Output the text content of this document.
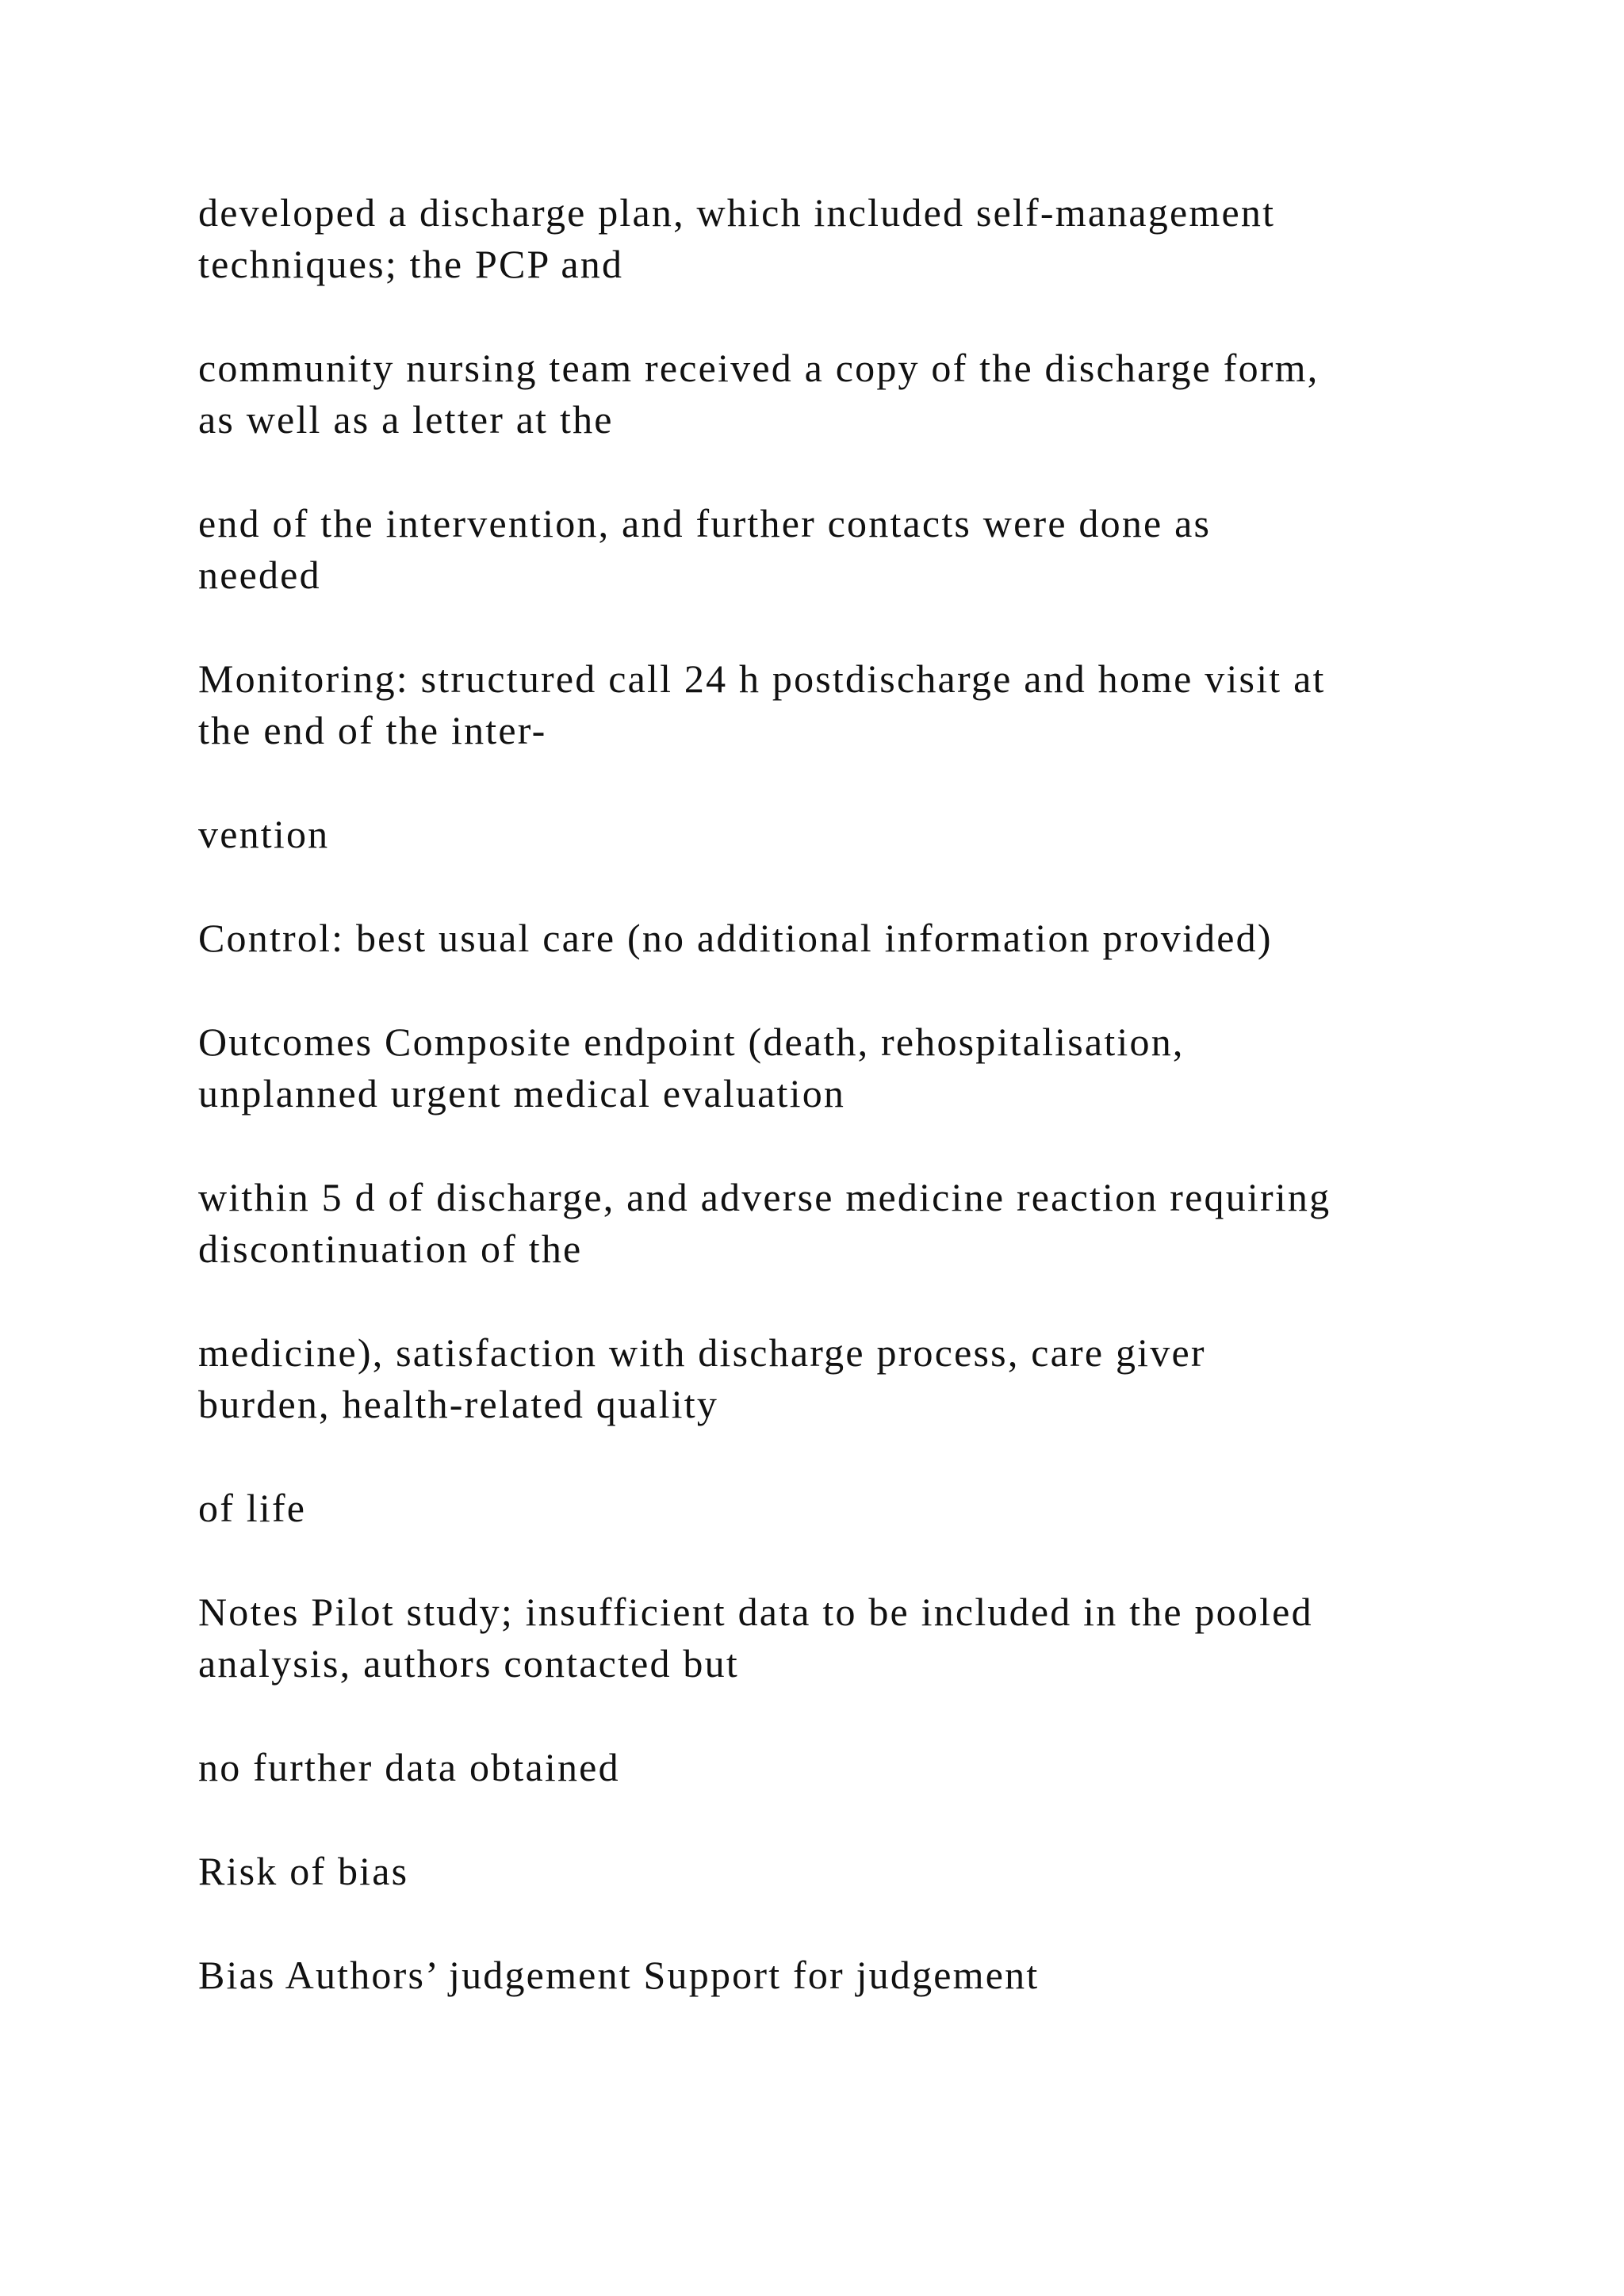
developed a discharge plan, which included self-management
techniques; the PCP and

community nursing team received a copy of the discharge form,
as well as a letter at the

end of the intervention, and further contacts were done as
needed

Monitoring: structured call 24 h postdischarge and home visit at
the end of the inter-

vention

Control: best usual care (no additional information provided)

Outcomes Composite endpoint (death, rehospitalisation,
unplanned urgent medical evaluation

within 5 d of discharge, and adverse medicine reaction requiring
discontinuation of the

medicine), satisfaction with discharge process, care giver
burden, health-related quality

of life

Notes Pilot study; insufficient data to be included in the pooled
analysis, authors contacted but

no further data obtained

Risk of bias

Bias Authors’ judgement Support for judgement
